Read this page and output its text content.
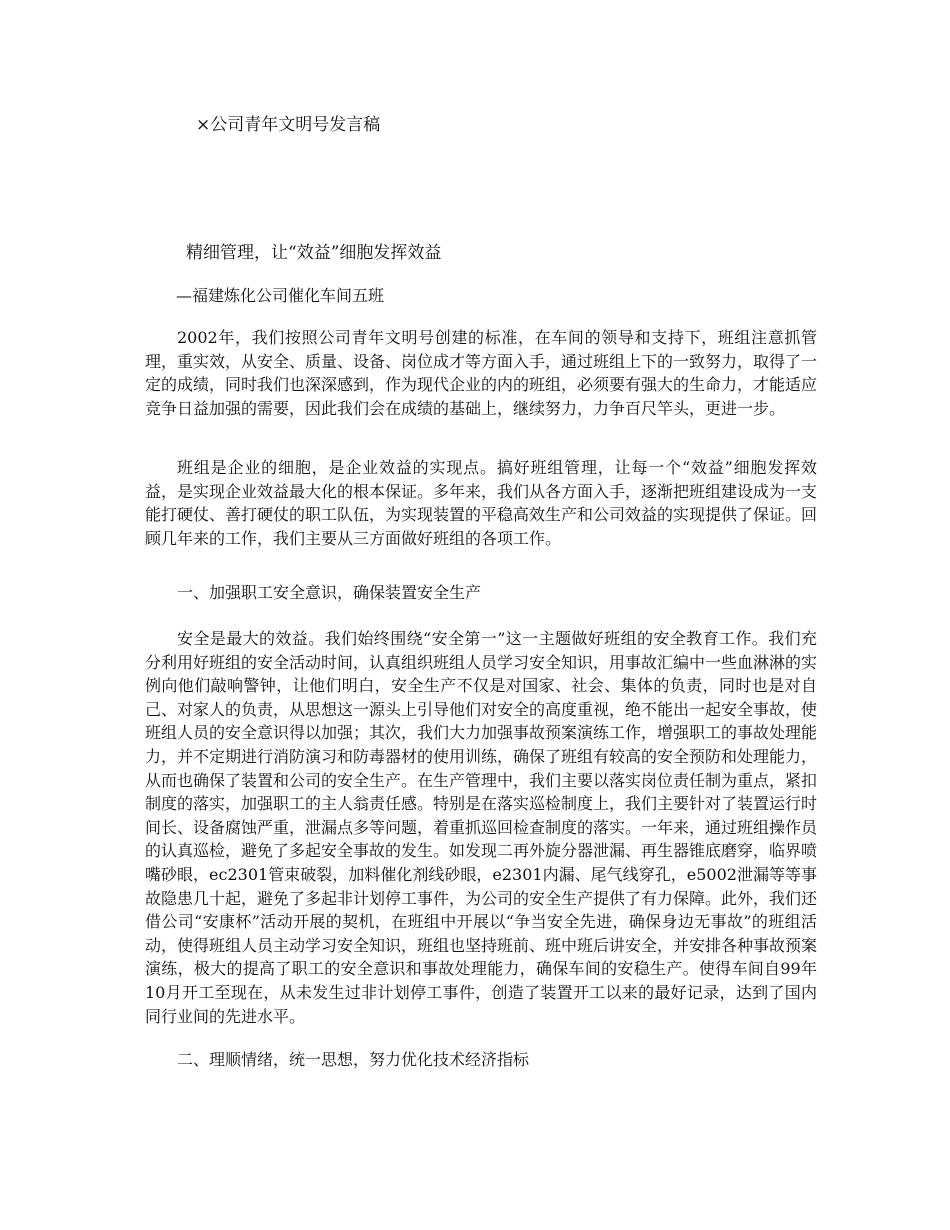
×公司青年文明号发言稿
精细管理，让“效益”细胞发挥效益
—福建炼化公司催化车间五班

2002年，我们按照公司青年文明号创建的标准，在车间的领导和支持下，班组注意抓管理，重实效，从安全、质量、设备、岗位成才等方面入手，通过班组上下的一致努力，取得了一定的成绩，同时我们也深深感到，作为现代企业的内的班组，必须要有强大的生命力，才能适应竞争日益加强的需要，因此我们会在成绩的基础上，继续努力，力争百尺竿头，更进一步。

班组是企业的细胞，是企业效益的实现点。搞好班组管理，让每一个“效益”细胞发挥效益，是实现企业效益最大化的根本保证。多年来，我们从各方面入手，逐渐把班组建设成为一支能打硬仗、善打硬仗的职工队伍，为实现装置的平稳高效生产和公司效益的实现提供了保证。回顾几年来的工作，我们主要从三方面做好班组的各项工作。

一、加强职工安全意识，确保装置安全生产

安全是最大的效益。我们始终围绕“安全第一”这一主题做好班组的安全教育工作。我们充分利用好班组的安全活动时间，认真组织班组人员学习安全知识，用事故汇编中一些血淋淋的实例向他们敲响警钟，让他们明白，安全生产不仅是对国家、社会、集体的负责，同时也是对自己、对家人的负责，从思想这一源头上引导他们对安全的高度重视，绝不能出一起安全事故，使班组人员的安全意识得以加强；其次，我们大力加强事故预案演练工作，增强职工的事故处理能力，并不定期进行消防演习和防毒器材的使用训练，确保了班组有较高的安全预防和处理能力，从而也确保了装置和公司的安全生产。在生产管理中，我们主要以落实岗位责任制为重点，紧扣制度的落实，加强职工的主人翁责任感。特别是在落实巡检制度上，我们主要针对了装置运行时间长、设备腐蚀严重，泄漏点多等问题，着重抓巡回检查制度的落实。一年来，通过班组操作员的认真巡检，避免了多起安全事故的发生。如发现二再外旋分器泄漏、再生器锥底磨穿，临界喷嘴砂眼，ec2301管束破裂，加料催化剂线砂眼，e2301内漏、尾气线穿孔，e5002泄漏等等事故隐患几十起，避免了多起非计划停工事件，为公司的安全生产提供了有力保障。此外，我们还借公司“安康杯”活动开展的契机，在班组中开展以“争当安全先进，确保身边无事故”的班组活动，使得班组人员主动学习安全知识，班组也坚持班前、班中班后讲安全，并安排各种事故预案演练，极大的提高了职工的安全意识和事故处理能力，确保车间的安稳生产。使得车间自99年10月开工至现在，从未发生过非计划停工事件，创造了装置开工以来的最好记录，达到了国内同行业间的先进水平。

二、理顺情绪，统一思想，努力优化技术经济指标
